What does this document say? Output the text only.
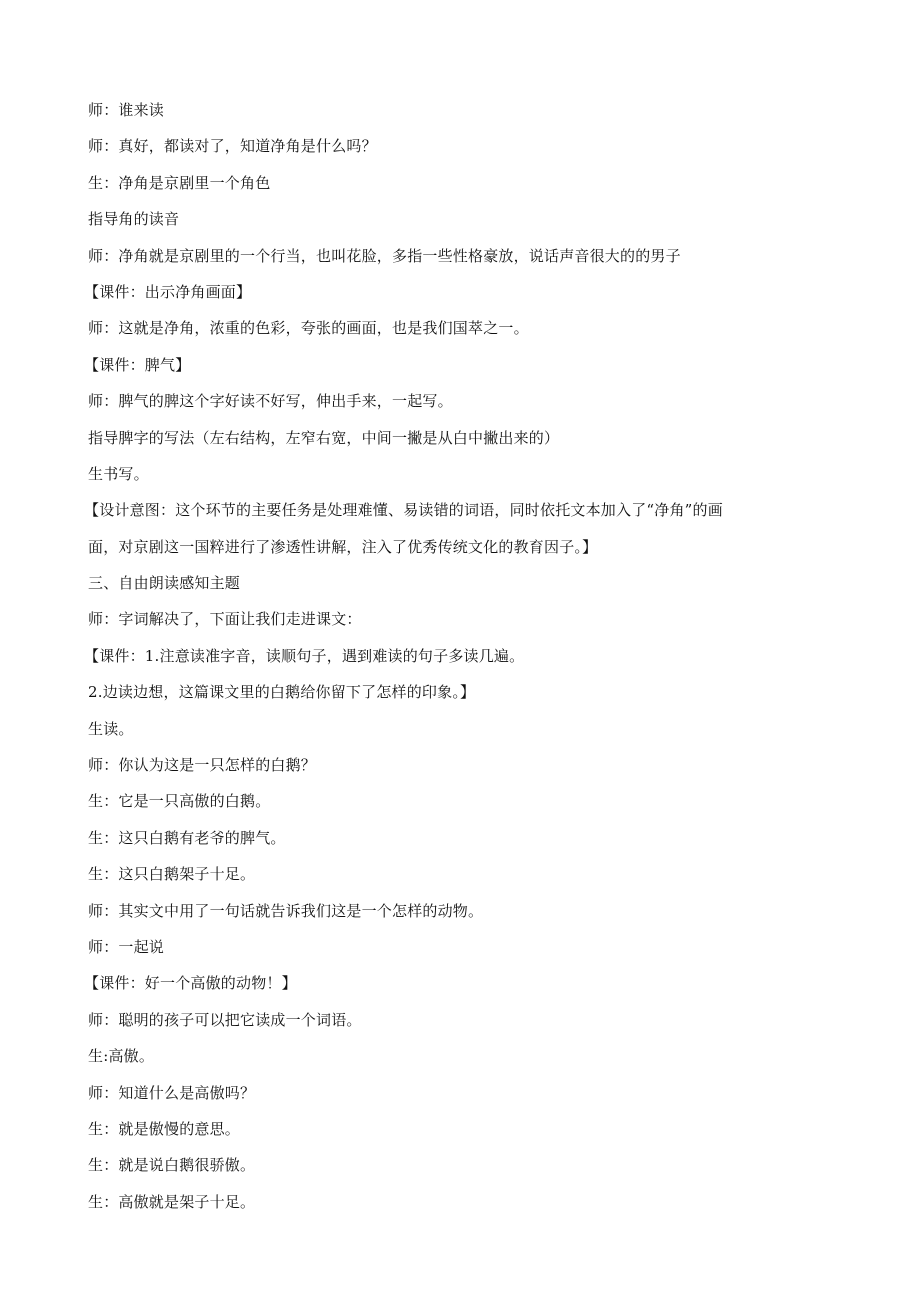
师：谁来读
师：真好，都读对了，知道净角是什么吗？
生：净角是京剧里一个角色
指导角的读音
师：净角就是京剧里的一个行当，也叫花脸，多指一些性格豪放，说话声音很大的的男子
【课件：出示净角画面】
师：这就是净角，浓重的色彩，夸张的画面，也是我们国萃之一。
【课件：脾气】
师：脾气的脾这个字好读不好写，伸出手来，一起写。
指导脾字的写法（左右结构，左窄右宽，中间一撇是从白中撇出来的）
生书写。
【设计意图：这个环节的主要任务是处理难懂、易读错的词语，同时依托文本加入了“净角”的画
面，对京剧这一国粹进行了渗透性讲解，注入了优秀传统文化的教育因子。】
三、自由朗读感知主题
师：字词解决了，下面让我们走进课文：
【课件：1.注意读准字音，读顺句子，遇到难读的句子多读几遍。
2.边读边想，这篇课文里的白鹅给你留下了怎样的印象。】
生读。
师：你认为这是一只怎样的白鹅？
生：它是一只高傲的白鹅。
生：这只白鹅有老爷的脾气。
生：这只白鹅架子十足。
师：其实文中用了一句话就告诉我们这是一个怎样的动物。
师：一起说
【课件：好一个高傲的动物！】
师：聪明的孩子可以把它读成一个词语。
生:高傲。
师：知道什么是高傲吗？
生：就是傲慢的意思。
生：就是说白鹅很骄傲。
生：高傲就是架子十足。
